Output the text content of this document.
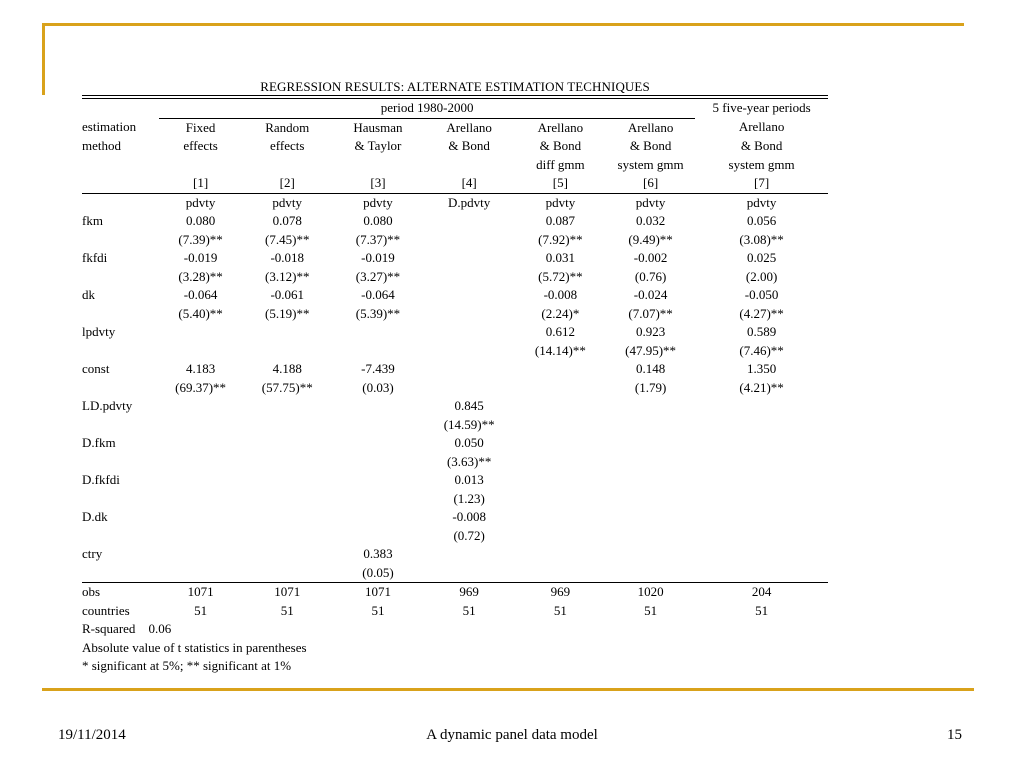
REGRESSION RESULTS: ALTERNATE ESTIMATION TECHNIQUES
	period 1980-2000						5 five-year periods
estimation	Fixed	Random	Hausman	Arellano	Arellano	Arellano	Arellano
method	effects	effects	& Taylor	& Bond	& Bond	& Bond	& Bond
					diff gmm	system gmm	system gmm
	[1]	[2]	[3]	[4]	[5]	[6]	[7]
	pdvty	pdvty	pdvty	D.pdvty	pdvty	pdvty	pdvty
fkm	0.080	0.078	0.080		0.087	0.032	0.056
	(7.39)**	(7.45)**	(7.37)**		(7.92)**	(9.49)**	(3.08)**
fkfdi	-0.019	-0.018	-0.019		0.031	-0.002	0.025
	(3.28)**	(3.12)**	(3.27)**		(5.72)**	(0.76)	(2.00)
dk	-0.064	-0.061	-0.064		-0.008	-0.024	-0.050
	(5.40)**	(5.19)**	(5.39)**		(2.24)*	(7.07)**	(4.27)**
lpdvty					0.612	0.923	0.589
					(14.14)**	(47.95)**	(7.46)**
const	4.183	4.188	-7.439			0.148	1.350
	(69.37)**	(57.75)**	(0.03)			(1.79)	(4.21)**
LD.pdvty				0.845			
				(14.59)**			
D.fkm				0.050			
				(3.63)**			
D.fkfdi				0.013			
				(1.23)			
D.dk				-0.008			
				(0.72)			
ctry			0.383				
			(0.05)				
obs	1071	1071	1071	969	969	1020	204
countries	51	51	51	51	51	51	51
R-squared 0.06
Absolute value of t statistics in parentheses
* significant at 5%; ** significant at 1%
19/11/2014	A dynamic panel data model	15
